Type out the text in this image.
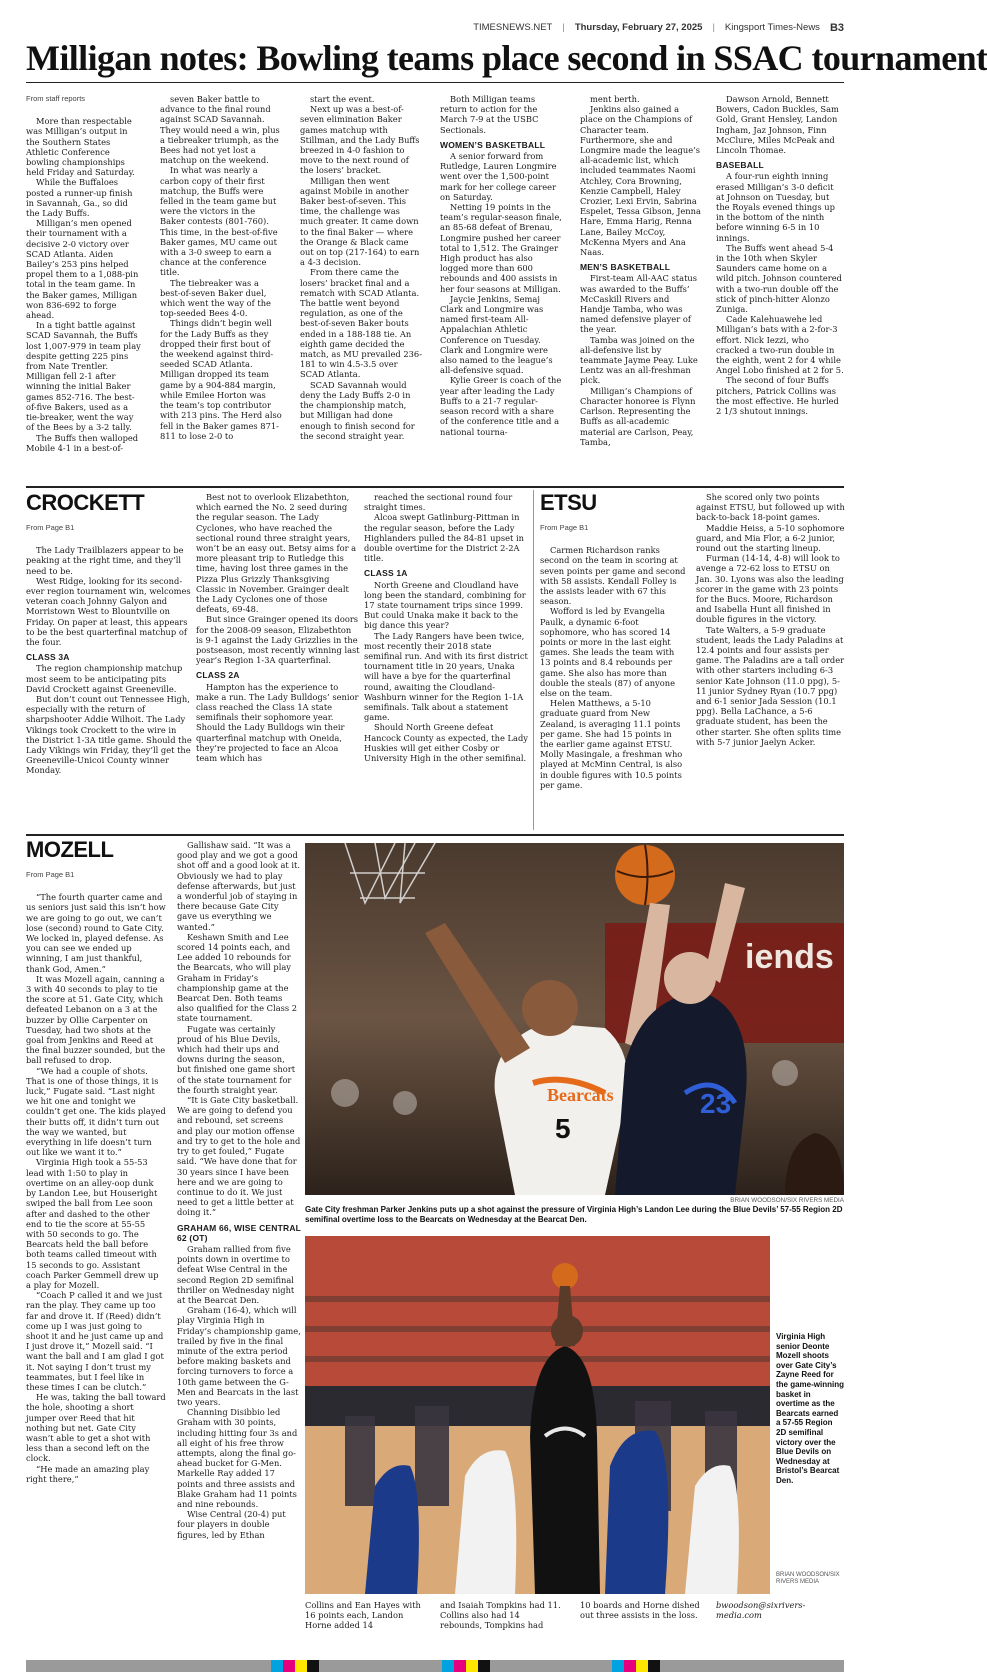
TIMESNEWS.NET | Thursday, February 27, 2025 | Kingsport Times-News B3
Milligan notes: Bowling teams place second in SSAC tournament
From staff reports

More than respectable was Milligan’s output in the Southern States Athletic Conference bowling championships held Friday and Saturday.

While the Buffaloes posted a runner-up finish in Savannah, Ga., so did the Lady Buffs.

Milligan’s men opened their tournament with a decisive 2-0 victory over SCAD Atlanta. Aiden Bailey’s 253 pins helped propel them to a 1,088-pin total in the team game. In the Baker games, Milligan won 836-692 to forge ahead.

In a tight battle against SCAD Savannah, the Buffs lost 1,007-979 in team play despite getting 225 pins from Nate Trentler. Milligan fell 2-1 after winning the initial Baker games 852-716. The best-of-five Bakers, used as a tie-breaker, went the way of the Bees by a 3-2 tally.

The Buffs then walloped Mobile 4-1 in a best-of-

seven Baker battle to advance to the final round against SCAD Savannah. They would need a win, plus a tiebreaker triumph, as the Bees had not yet lost a matchup on the weekend.

In what was nearly a carbon copy of their first matchup, the Buffs were felled in the team game but were the victors in the Baker contests (801-760). This time, in the best-of-five Baker games, MU came out with a 3-0 sweep to earn a chance at the conference title.

The tiebreaker was a best-of-seven Baker duel, which went the way of the top-seeded Bees 4-0.

Things didn’t begin well for the Lady Buffs as they dropped their first bout of the weekend against third-seeded SCAD Atlanta. Milligan dropped its team game by a 904-884 margin, while Emilee Horton was the team’s top contributor with 213 pins. The Herd also fell in the Baker games 871-811 to lose 2-0 to

start the event.

Next up was a best-of-seven elimination Baker games matchup with Stillman, and the Lady Buffs breezed in 4-0 fashion to move to the next round of the losers’ bracket.

Milligan then went against Mobile in another Baker best-of-seven. This time, the challenge was much greater. It came down to the final Baker — where the Orange & Black came out on top (217-164) to earn a 4-3 decision.

From there came the losers’ bracket final and a rematch with SCAD Atlanta. The battle went beyond regulation, as one of the best-of-seven Baker bouts ended in a 188-188 tie. An eighth game decided the match, as MU prevailed 236-181 to win 4.5-3.5 over SCAD Atlanta.

SCAD Savannah would deny the Lady Buffs 2-0 in the championship match, but Milligan had done enough to finish second for the second straight year.

Both Milligan teams return to action for the March 7-9 at the USBC Sectionals.

WOMEN’S BASKETBALL

A senior forward from Rutledge, Lauren Longmire went over the 1,500-point mark for her college career on Saturday.

Netting 19 points in the team’s regular-season finale, an 85-68 defeat of Brenau, Longmire pushed her career total to 1,512. The Grainger High product has also logged more than 600 rebounds and 400 assists in her four seasons at Milligan.

Jaycie Jenkins, Semaj Clark and Longmire was named first-team All-Appalachian Athletic Conference on Tuesday. Clark and Longmire were also named to the league’s all-defensive squad.

Kylie Greer is coach of the year after leading the Lady Buffs to a 21-7 regular-season record with a share of the conference title and a national tourna-

ment berth.

Jenkins also gained a place on the Champions of Character team. Furthermore, she and Longmire made the league’s all-academic list, which included teammates Naomi Atchley, Cora Browning, Kenzie Campbell, Haley Crozier, Lexi Ervin, Sabrina Espelet, Tessa Gibson, Jenna Hare, Emma Harig, Renna Lane, Bailey McCoy, McKenna Myers and Ana Naas.

MEN’S BASKETBALL

First-team All-AAC status was awarded to the Buffs’ McCaskill Rivers and Handje Tamba, who was named defensive player of the year.

Tamba was joined on the all-defensive list by teammate Jayme Peay. Luke Lentz was an all-freshman pick.

Milligan’s Champions of Character honoree is Flynn Carlson. Representing the Buffs as all-academic material are Carlson, Peay, Tamba,

Dawson Arnold, Bennett Bowers, Cadon Buckles, Sam Gold, Grant Hensley, Landon Ingham, Jaz Johnson, Finn McClure, Miles McPeak and Lincoln Thomae.

BASEBALL

A four-run eighth inning erased Milligan’s 3-0 deficit at Johnson on Tuesday, but the Royals evened things up in the bottom of the ninth before winning 6-5 in 10 innings.

The Buffs went ahead 5-4 in the 10th when Skyler Saunders came home on a wild pitch. Johnson countered with a two-run double off the stick of pinch-hitter Alonzo Zuniga.

Cade Kalehuawehe led Milligan’s bats with a 2-for-3 effort. Nick Iezzi, who cracked a two-run double in the eighth, went 2 for 4 while Angel Lobo finished at 2 for 5.

The second of four Buffs pitchers, Patrick Collins was the most effective. He hurled 2 1/3 shutout innings.

CROCKETT
From Page B1

The Lady Trailblazers appear to be peaking at the right time, and they’ll need to be.

West Ridge, looking for its second-ever region tournament win, welcomes veteran coach Johnny Galyon and Morristown West to Blountville on Friday. On paper at least, this appears to be the best quarterfinal matchup of the four.

CLASS 3A

The region championship matchup most seem to be anticipating pits David Crockett against Greeneville.

But don’t count out Tennessee High, especially with the return of sharpshooter Addie Wilhoit. The Lady Vikings took Crockett to the wire in the District 1-3A title game. Should the Lady Vikings win Friday, they’ll get the Greeneville-Unicoi County winner Monday.

Best not to overlook Elizabethton, which earned the No. 2 seed during the regular season. The Lady Cyclones, who have reached the sectional round three straight years, won’t be an easy out. Betsy aims for a more pleasant trip to Rutledge this time, having lost three games in the Pizza Plus Grizzly Thanksgiving Classic in November. Grainger dealt the Lady Cyclones one of those defeats, 69-48.

But since Grainger opened its doors for the 2008-09 season, Elizabethton is 9-1 against the Lady Grizzlies in the postseason, most recently winning last year’s Region 1-3A quarterfinal.

CLASS 2A

Hampton has the experience to make a run. The Lady Bulldogs’ senior class reached the Class 1A state semifinals their sophomore year. Should the Lady Bulldogs win their quarterfinal matchup with Oneida, they’re projected to face an Alcoa team which has

reached the sectional round four straight times.

Alcoa swept Gatlinburg-Pittman in the regular season, before the Lady Highlanders pulled the 84-81 upset in double overtime for the District 2-2A title.

CLASS 1A

North Greene and Cloudland have long been the standard, combining for 17 state tournament trips since 1999. But could Unaka make it back to the big dance this year?

The Lady Rangers have been twice, most recently their 2018 state semifinal run. And with its first district tournament title in 20 years, Unaka will have a bye for the quarterfinal round, awaiting the Cloudland-Washburn winner for the Region 1-1A semifinals. Talk about a statement game.

Should North Greene defeat Hancock County as expected, the Lady Huskies will get either Cosby or University High in the other semifinal.

ETSU
From Page B1

Carmen Richardson ranks second on the team in scoring at seven points per game and second with 58 assists. Kendall Folley is the assists leader with 67 this season.

Wofford is led by Evangelia Paulk, a dynamic 6-foot sophomore, who has scored 14 points or more in the last eight games. She leads the team with 13 points and 8.4 rebounds per game. She also has more than double the steals (87) of anyone else on the team.

Helen Matthews, a 5-10 graduate guard from New Zealand, is averaging 11.1 points per game. She had 15 points in the earlier game against ETSU. Molly Masingale, a freshman who played at McMinn Central, is also in double figures with 10.5 points per game.

She scored only two points against ETSU, but followed up with back-to-back 18-point games.

Maddie Heiss, a 5-10 sophomore guard, and Mia Flor, a 6-2 junior, round out the starting lineup.

Furman (14-14, 4-8) will look to avenge a 72-62 loss to ETSU on Jan. 30. Lyons was also the leading scorer in the game with 23 points for the Bucs. Moore, Richardson and Isabella Hunt all finished in double figures in the victory.

Tate Walters, a 5-9 graduate student, leads the Lady Paladins at 12.4 points and four assists per game. The Paladins are a tall order with other starters including 6-3 senior Kate Johnson (11.0 ppg), 5-11 junior Sydney Ryan (10.7 ppg) and 6-1 senior Jada Session (10.1 ppg). Bella LaChance, a 5-6 graduate student, has been the other starter. She often splits time with 5-7 junior Jaelyn Acker.

MOZELL
From Page B1

“The fourth quarter came and us seniors just said this isn’t how we are going to go out, we can’t lose (second) round to Gate City. We locked in, played defense. As you can see we ended up winning, I am just thankful, thank God, Amen.”

It was Mozell again, canning a 3 with 40 seconds to play to tie the score at 51. Gate City, which defeated Lebanon on a 3 at the buzzer by Ollie Carpenter on Tuesday, had two shots at the goal from Jenkins and Reed at the final buzzer sounded, but the ball refused to drop.

“We had a couple of shots. That is one of those things, it is luck,” Fugate said. “Last night we hit one and tonight we couldn’t get one. The kids played their butts off, it didn’t turn out the way we wanted, but everything in life doesn’t turn out like we want it to.”

Virginia High took a 55-53 lead with 1:50 to play in overtime on an alley-oop dunk by Landon Lee, but Houseright swiped the ball from Lee soon after and dashed to the other end to tie the score at 55-55 with 50 seconds to go. The Bearcats held the ball before both teams called timeout with 15 seconds to go. Assistant coach Parker Gemmell drew up a play for Mozell.

“Coach P called it and we just ran the play. They came up too far and drove it. If (Reed) didn’t come up I was just going to shoot it and he just came up and I just drove it,” Mozell said. “I want the ball and I am glad I got it. Not saying I don’t trust my teammates, but I feel like in these times I can be clutch.”

He was, taking the ball toward the hole, shooting a short jumper over Reed that hit nothing but net. Gate City wasn’t able to get a shot with less than a second left on the clock.

“He made an amazing play right there,”

Gallishaw said. “It was a good play and we got a good shot off and a good look at it. Obviously we had to play defense afterwards, but just a wonderful job of staying in there because Gate City gave us everything we wanted.”

Keshawn Smith and Lee scored 14 points each, and Lee added 10 rebounds for the Bearcats, who will play Graham in Friday’s championship game at the Bearcat Den. Both teams also qualified for the Class 2 state tournament.

Fugate was certainly proud of his Blue Devils, which had their ups and downs during the season, but finished one game short of the state tournament for the fourth straight year.

“It is Gate City basketball. We are going to defend you and rebound, set screens and play our motion offense and try to get to the hole and try to get fouled,” Fugate said. “We have done that for 30 years since I have been here and we are going to continue to do it. We just need to get a little better at doing it.”

GRAHAM 66, WISE CENTRAL 62 (OT)

Graham rallied from five points down in overtime to defeat Wise Central in the second Region 2D semifinal thriller on Wednesday night at the Bearcat Den.

Graham (16-4), which will play Virginia High in Friday’s championship game, trailed by five in the final minute of the extra period before making baskets and forcing turnovers to force a 10th game between the G-Men and Bearcats in the last two years.

Channing Disibbio led Graham with 30 points, including hitting four 3s and all eight of his free throw attempts, along the final go-ahead bucket for G-Men. Markelle Ray added 17 points and three assists and Blake Graham had 11 points and nine rebounds.

Wise Central (20-4) put four players in double figures, led by Ethan

Bearcats
5
23
iends
BRIAN WOODSON/SIX RIVERS MEDIA
Gate City freshman Parker Jenkins puts up a shot against the pressure of Virginia High’s Landon Lee during the Blue Devils’ 57-55 Region 2D semifinal overtime loss to the Bearcats on Wednesday at the Bearcat Den.
Virginia High senior Deonte Mozell shoots over Gate City’s Zayne Reed for the game-winning basket in overtime as the Bearcats earned a 57-55 Region 2D semifinal victory over the Blue Devils on Wednesday at Bristol’s Bearcat Den.
BRIAN WOODSON/SIX RIVERS MEDIA
Collins and Ean Hayes with 16 points each, Landon Horne added 14
and Isaiah Tompkins had 11. Collins also had 14 rebounds, Tompkins had
10 boards and Horne dished out three assists in the loss.
bwoodson@sixriversmedia.com
